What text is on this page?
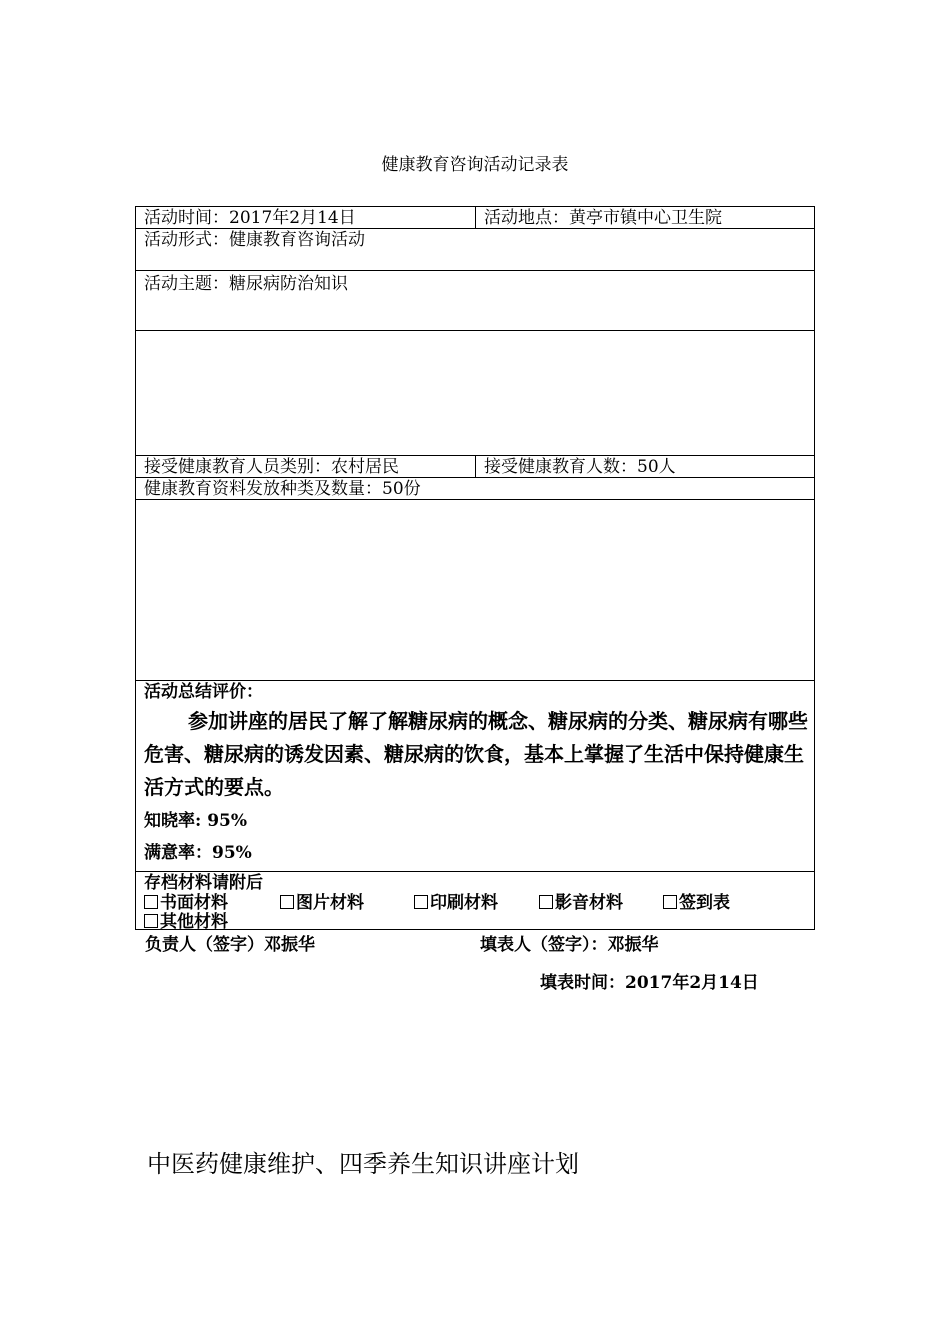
健康教育咨询活动记录表
活动时间：2017年2月14日	活动地点：黄亭市镇中心卫生院
活动形式：健康教育咨询活动
活动主题：糖尿病防治知识
接受健康教育人员类别：农村居民	接受健康教育人数：50人
健康教育资料发放种类及数量：50份
活动总结评价：
参加讲座的居民了解了解糖尿病的概念、糖尿病的分类、糖尿病有哪些危害、糖尿病的诱发因素、糖尿病的饮食，基本上掌握了生活中保持健康生活方式的要点。
知晓率: 95%
满意率：95%
存档材料请附后
书面材料	图片材料	印刷材料	影音材料	签到表
其他材料
负责人（签字）邓振华	填表人（签字）：邓振华
填表时间：2017年2月14日
中医药健康维护、四季养生知识讲座计划
